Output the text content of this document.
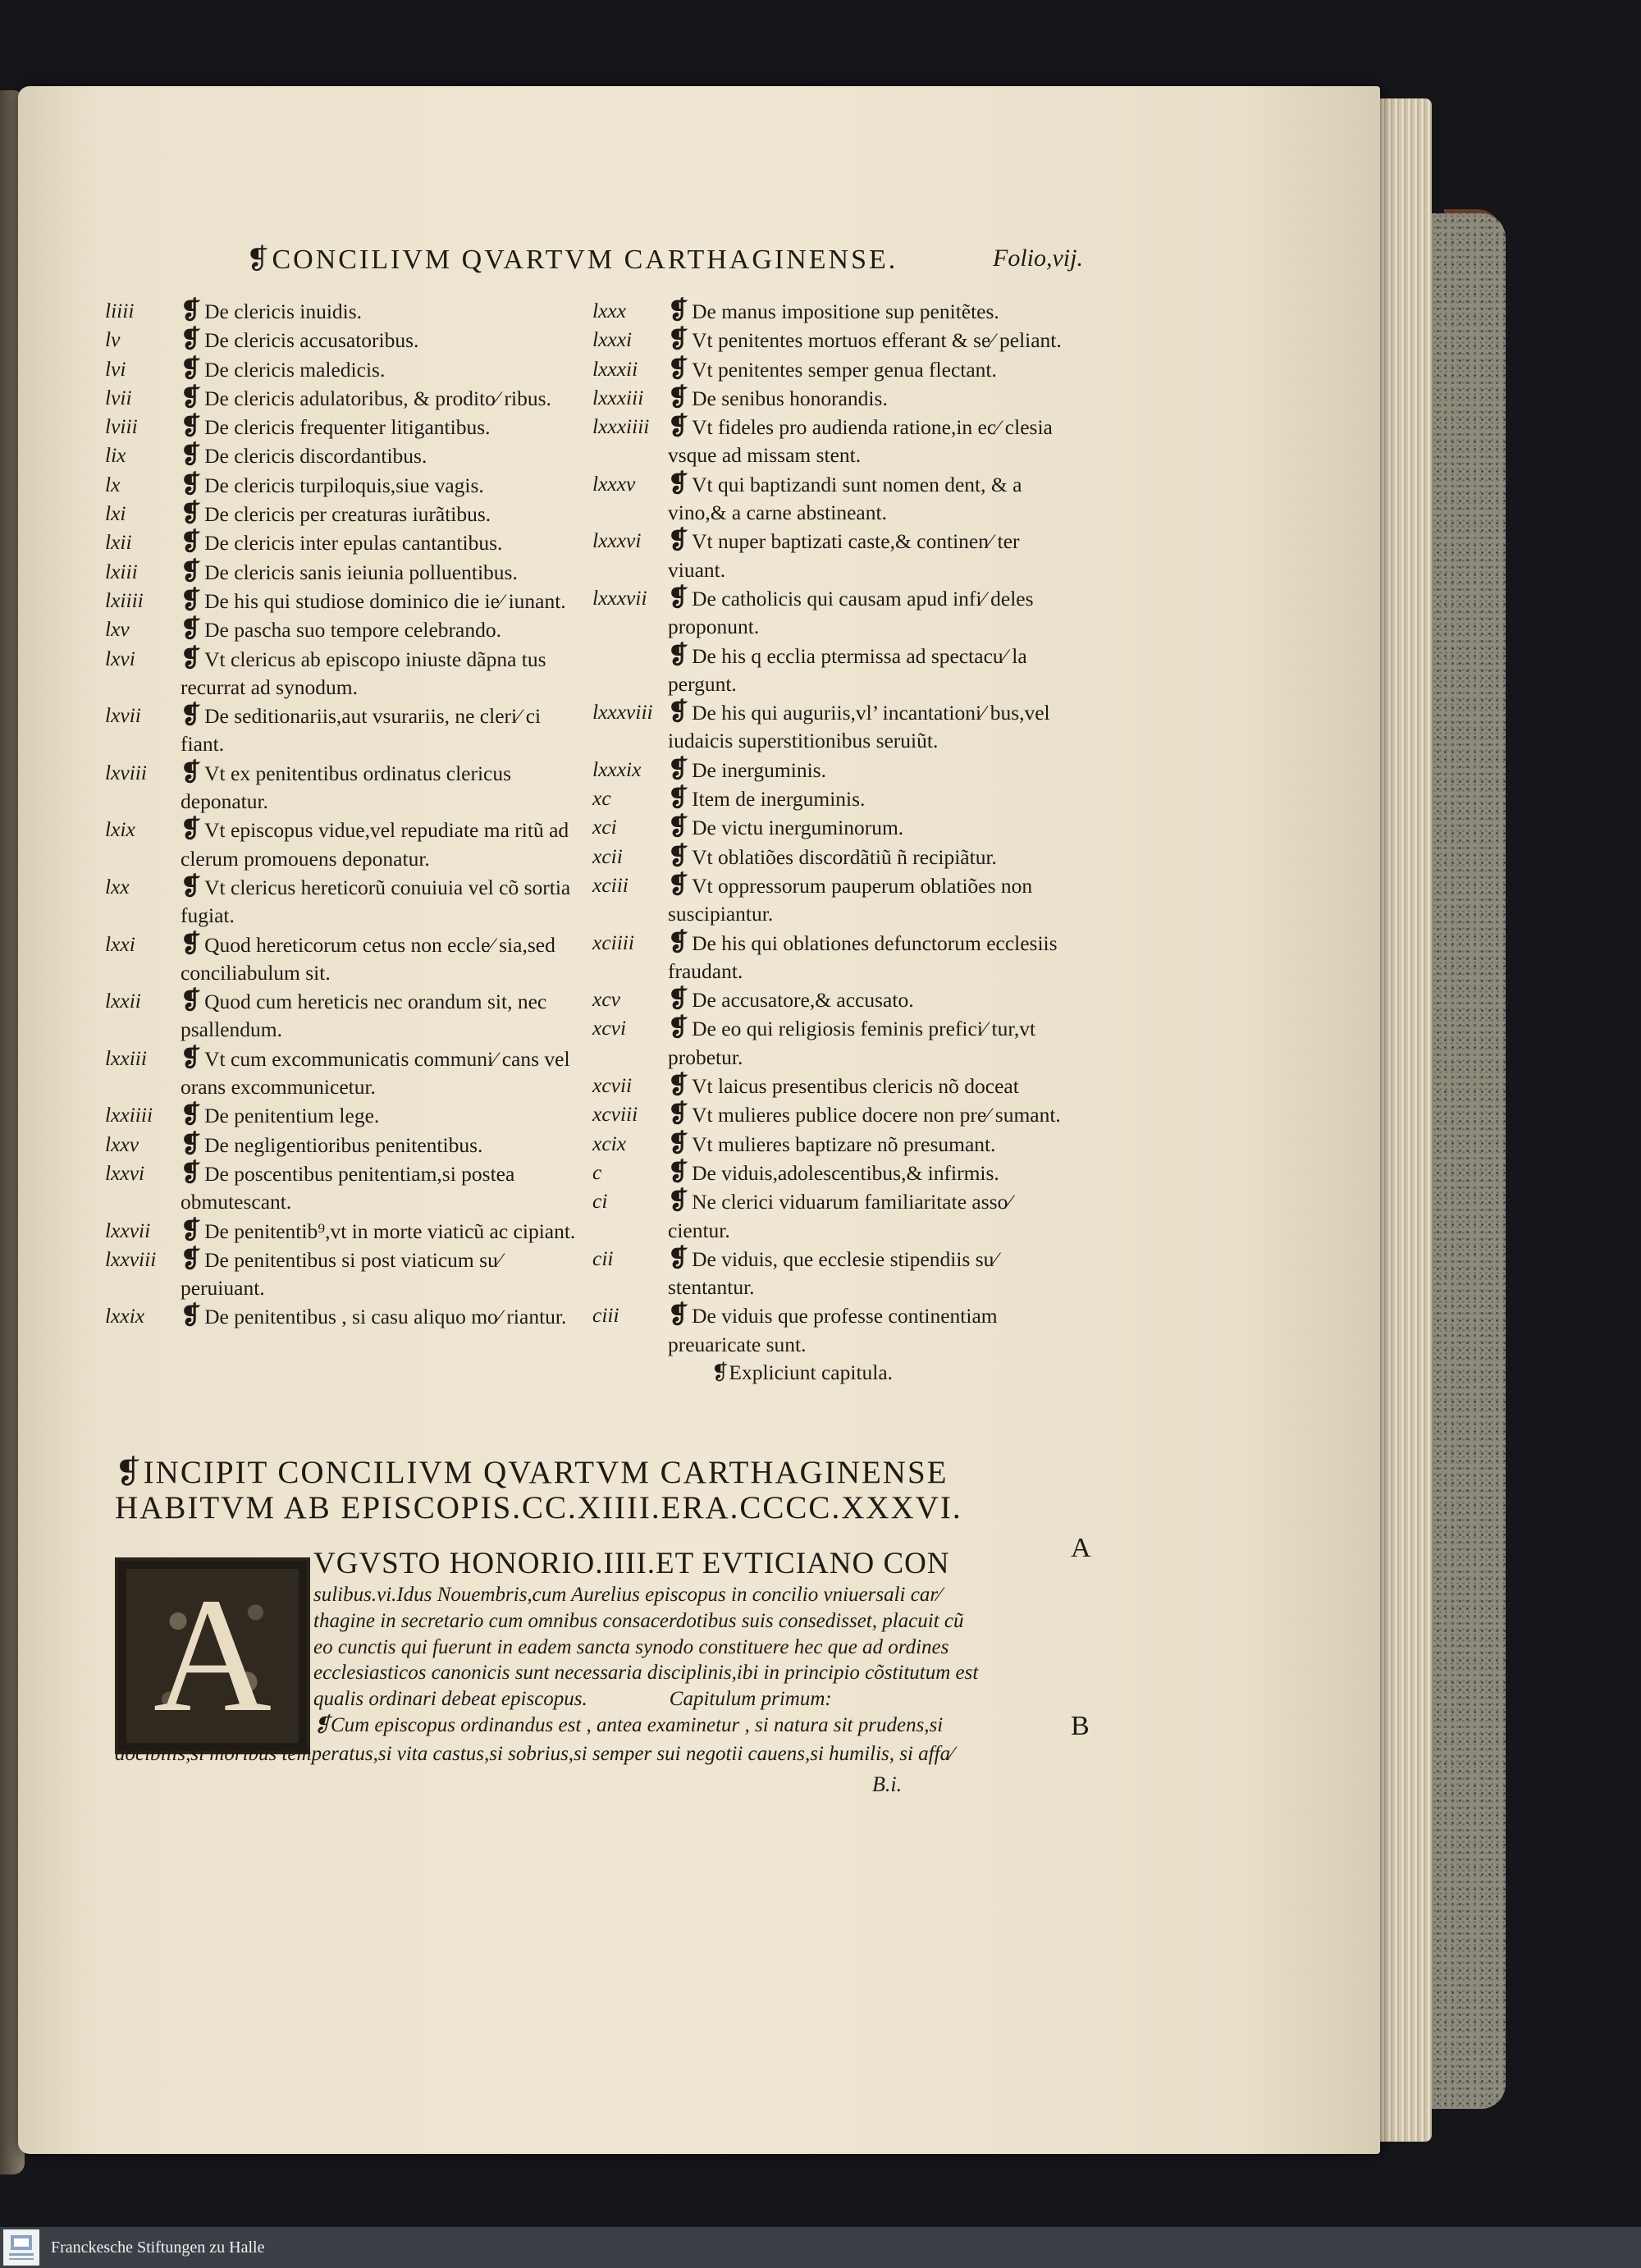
❡CONCILIVM QVARTVM CARTHAGINENSE.	Folio,vij.
liiii	❡ De clericis inuidis.
lv	❡ De clericis accusatoribus.
lvi	❡ De clericis maledicis.
lvii	❡ De clericis adulatoribus, & prodito⁄ ribus.
lviii	❡ De clericis frequenter litigantibus.
lix	❡ De clericis discordantibus.
lx	❡ De clericis turpiloquis,siue vagis.
lxi	❡ De clericis per creaturas iurãtibus.
lxii	❡ De clericis inter epulas cantantibus.
lxiii	❡ De clericis sanis ieiunia polluentibus.
lxiiii	❡ De his qui studiose dominico die ie⁄ iunant.
lxv	❡ De pascha suo tempore celebrando.
lxvi	❡ Vt clericus ab episcopo iniuste dãpna tus recurrat ad synodum.
lxvii	❡ De seditionariis,aut vsurariis, ne cleri⁄ ci fiant.
lxviii	❡ Vt ex penitentibus ordinatus clericus deponatur.
lxix	❡ Vt episcopus vidue,vel repudiate ma ritũ ad clerum promouens deponatur.
lxx	❡ Vt clericus hereticorũ conuiuia vel cõ sortia fugiat.
lxxi	❡ Quod hereticorum cetus non eccle⁄ sia,sed conciliabulum sit.
lxxii	❡ Quod cum hereticis nec orandum sit, nec psallendum.
lxxiii	❡ Vt cum excommunicatis communi⁄ cans vel orans excommunicetur.
lxxiiii	❡ De penitentium lege.
lxxv	❡ De negligentioribus penitentibus.
lxxvi	❡ De poscentibus penitentiam,si postea obmutescant.
lxxvii	❡ De penitentib⁹,vt in morte viaticũ ac cipiant.
lxxviii ❡ De penitentibus si post viaticum su⁄ peruiuant.
lxxix	❡ De penitentibus , si casu aliquo mo⁄ riantur.
lxxx	❡ De manus impositione sup penitẽtes.
lxxxi	❡ Vt penitentes mortuos efferant & se⁄ peliant.
lxxxii	❡ Vt penitentes semper genua flectant.
lxxxiii ❡ De senibus honorandis.
lxxxiiii ❡ Vt fideles pro audienda ratione,in ec⁄ clesia vsque ad missam stent.
lxxxv	❡ Vt qui baptizandi sunt nomen dent, & a vino,& a carne abstineant.
lxxxvi	❡ Vt nuper baptizati caste,& continen⁄ ter viuant.
lxxxvii ❡ De catholicis qui causam apud infi⁄ deles proponunt.
❡ De his q ecclia ptermissa ad spectacu⁄ la pergunt.
lxxxviii ❡ De his qui auguriis,vl’ incantationi⁄ bus,vel iudaicis superstitionibus seruiũt.
lxxxix	❡ De inerguminis.
xc	❡ Item de inerguminis.
xci	❡ De victu inerguminorum.
xcii	❡ Vt oblatiões discordãtiũ ñ recipiãtur.
xciii	❡ Vt oppressorum pauperum oblatiões non suscipiantur.
xciiii	❡ De his qui oblationes defunctorum ecclesiis fraudant.
xcv	❡ De accusatore,& accusato.
xcvi	❡ De eo qui religiosis feminis prefici⁄ tur,vt probetur.
xcvii	❡ Vt laicus presentibus clericis nõ doceat
xcviii	❡ Vt mulieres publice docere non pre⁄ sumant.
xcix	❡ Vt mulieres baptizare nõ presumant.
c	❡ De viduis,adolescentibus,& infirmis.
ci	❡ Ne clerici viduarum familiaritate asso⁄ cientur.
cii	❡ De viduis, que ecclesie stipendiis su⁄ stentantur.
ciii	❡ De viduis que professe continentiam preuaricate sunt.
❡Expliciunt capitula.
❡INCIPIT CONCILIVM QVARTVM CARTHAGINENSE
HABITVM AB EPISCOPIS.CC.XIIII.ERA.CCCC.XXXVI.
A
VGVSTO HONORIO.IIII.ET EVTICIANO CON
sulibus.vi.Idus Nouembris,cum Aurelius episcopus in concilio vniuersali car⁄
thagine in secretario cum omnibus consacerdotibus suis consedisset, placuit cũ
eo cunctis qui fuerunt in eadem sancta synodo constituere hec que ad ordines
ecclesiasticos canonicis sunt necessaria disciplinis,ibi in principio cõstitutum est
qualis ordinari debeat episcopus.                Capitulum primum:
❡Cum episcopus ordinandus est , antea examinetur , si natura sit prudens,si
docibilis,si moribus temperatus,si vita castus,si sobrius,si semper sui negotii cauens,si humilis, si affa⁄
B.i.
A
B
Franckesche Stiftungen zu Halle
